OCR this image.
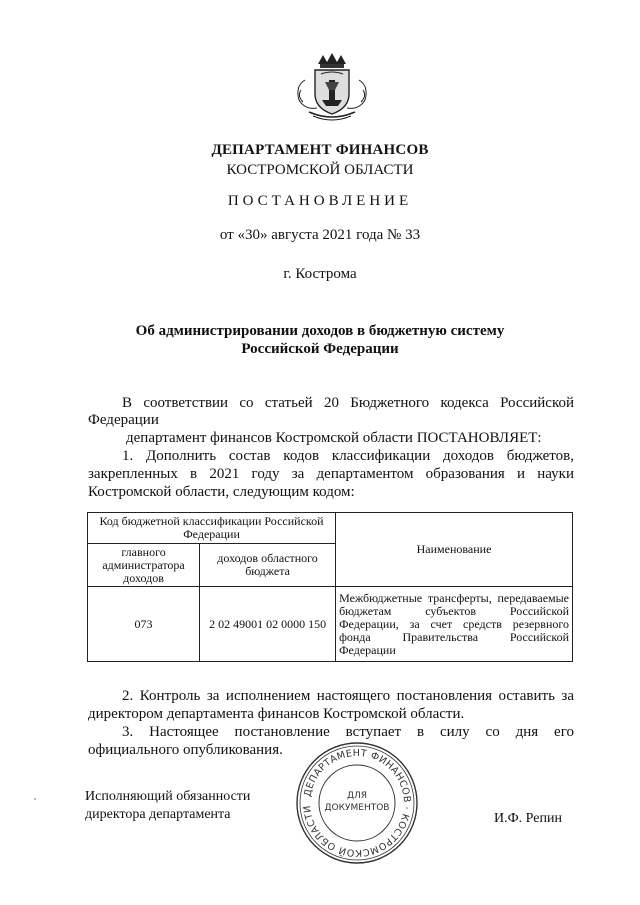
ДЕПАРТАМЕНТ ФИНАНСОВ
КОСТРОМСКОЙ ОБЛАСТИ
ПОСТАНОВЛЕНИЕ
от «30» августа 2021 года № 33
г. Кострома
Об администрировании доходов в бюджетную систему
Российской Федерации
В соответствии со статьей 20 Бюджетного кодекса Российской
Федерации
департамент финансов Костромской области ПОСТАНОВЛЯЕТ:
1. Дополнить состав кодов классификации доходов бюджетов,
закрепленных в 2021 году за департаментом образования и науки
Костромской области, следующим кодом:
Код бюджетной классификации Российской Федерации		Наименование
главного администратора доходов	доходов областного бюджета	
073	2 02 49001 02 0000 150	Межбюджетные трансферты, передаваемые бюджетам субъектов Российской Федерации, за счет средств резервного фонда Правительства Российской Федерации
2. Контроль за исполнением настоящего постановления оставить за
директором департамента финансов Костромской области.
3. Настоящее постановление вступает в силу со дня его
официального опубликования.
ДЕПАРТАМЕНТ ФИНАНСОВ · КОСТРОМСКОЙ ОБЛАСТИ
ДЛЯ
ДОКУМЕНТОВ
Исполняющий обязанности
директора департамента	И.Ф. Репин
